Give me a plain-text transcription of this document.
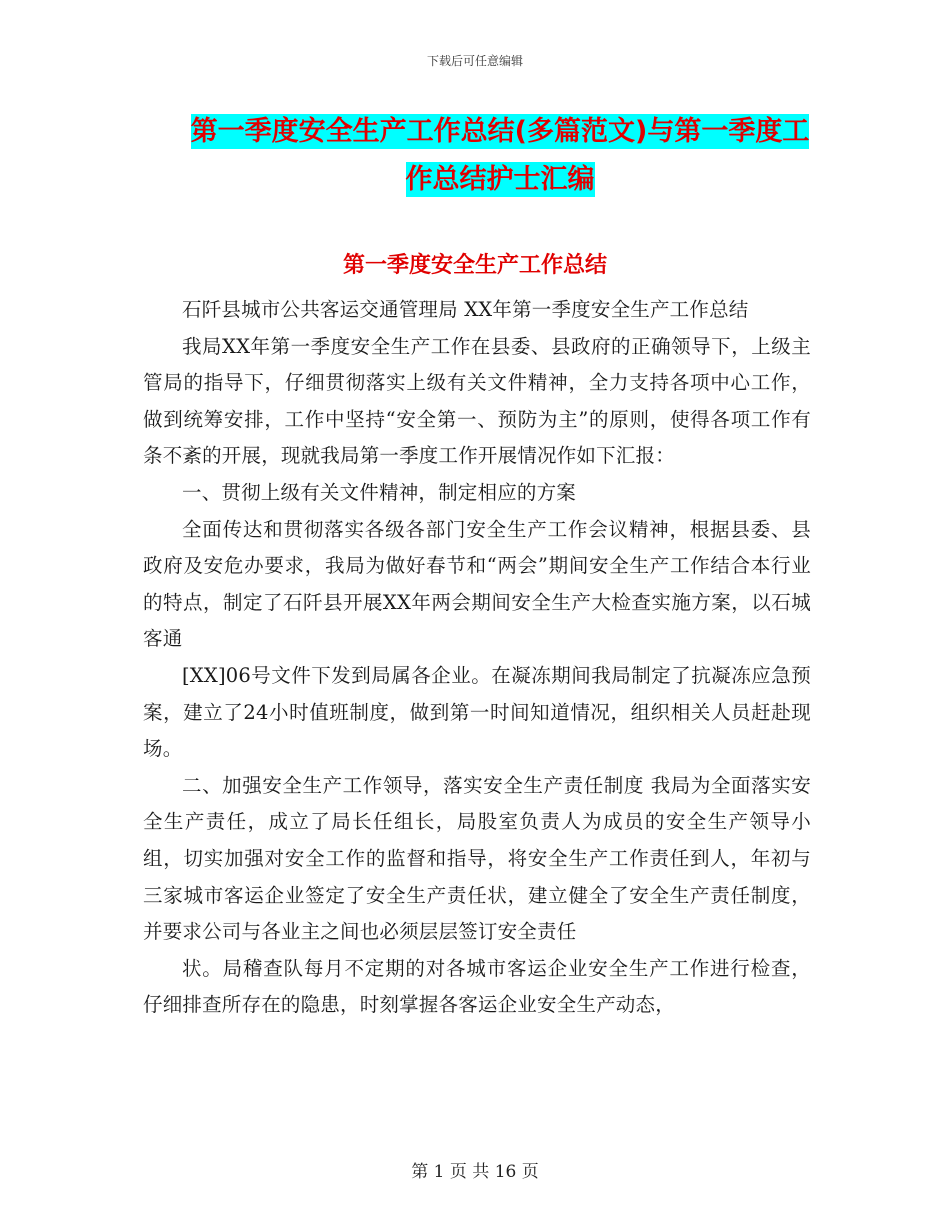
下载后可任意编辑
第一季度安全生产工作总结(多篇范文)与第一季度工
作总结护士汇编
第一季度安全生产工作总结

石阡县城市公共客运交通管理局 XX年第一季度安全生产工作总结

我局XX年第一季度安全生产工作在县委、县政府的正确领导下，上级主管局的指导下，仔细贯彻落实上级有关文件精神，全力支持各项中心工作，做到统筹安排，工作中坚持“安全第一、预防为主”的原则，使得各项工作有条不紊的开展，现就我局第一季度工作开展情况作如下汇报：

一、贯彻上级有关文件精神，制定相应的方案

全面传达和贯彻落实各级各部门安全生产工作会议精神，根据县委、县政府及安危办要求，我局为做好春节和“两会”期间安全生产工作结合本行业的特点，制定了石阡县开展XX年两会期间安全生产大检查实施方案，以石城客通

[XX]06号文件下发到局属各企业。在凝冻期间我局制定了抗凝冻应急预案，建立了24小时值班制度，做到第一时间知道情况，组织相关人员赶赴现场。

二、加强安全生产工作领导，落实安全生产责任制度 我局为全面落实安全生产责任，成立了局长任组长，局股室负责人为成员的安全生产领导小组，切实加强对安全工作的监督和指导，将安全生产工作责任到人，年初与三家城市客运企业签定了安全生产责任状，建立健全了安全生产责任制度，并要求公司与各业主之间也必须层层签订安全责任

状。局稽查队每月不定期的对各城市客运企业安全生产工作进行检查，仔细排查所存在的隐患，时刻掌握各客运企业安全生产动态，

第 1 页 共 16 页
